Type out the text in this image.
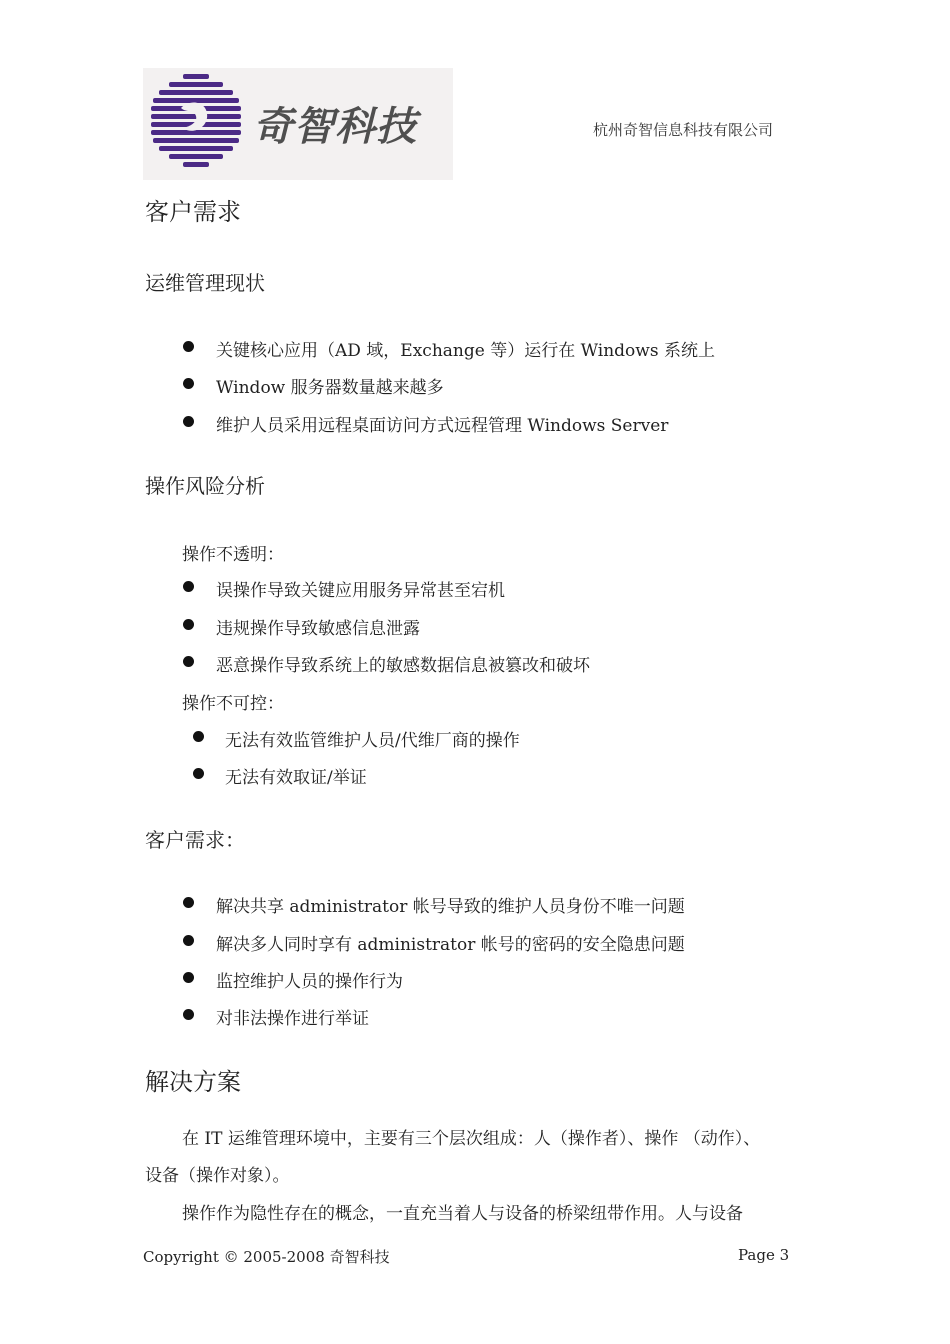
奇智科技	杭州奇智信息科技有限公司
客户需求
运维管理现状
关键核心应用（AD 域，Exchange 等）运行在 Windows 系统上
Window 服务器数量越来越多
维护人员采用远程桌面访问方式远程管理 Windows Server
操作风险分析
操作不透明：
误操作导致关键应用服务异常甚至宕机
违规操作导致敏感信息泄露
恶意操作导致系统上的敏感数据信息被篡改和破坏
操作不可控：
无法有效监管维护人员/代维厂商的操作
无法有效取证/举证
客户需求：
解决共享 administrator 帐号导致的维护人员身份不唯一问题
解决多人同时享有 administrator 帐号的密码的安全隐患问题
监控维护人员的操作行为
对非法操作进行举证
解决方案
在 IT 运维管理环境中，主要有三个层次组成：人（操作者）、操作 （动作）、
设备（操作对象）。
操作作为隐性存在的概念，一直充当着人与设备的桥梁纽带作用。人与设备
Copyright © 2005-2008 奇智科技	Page 3
